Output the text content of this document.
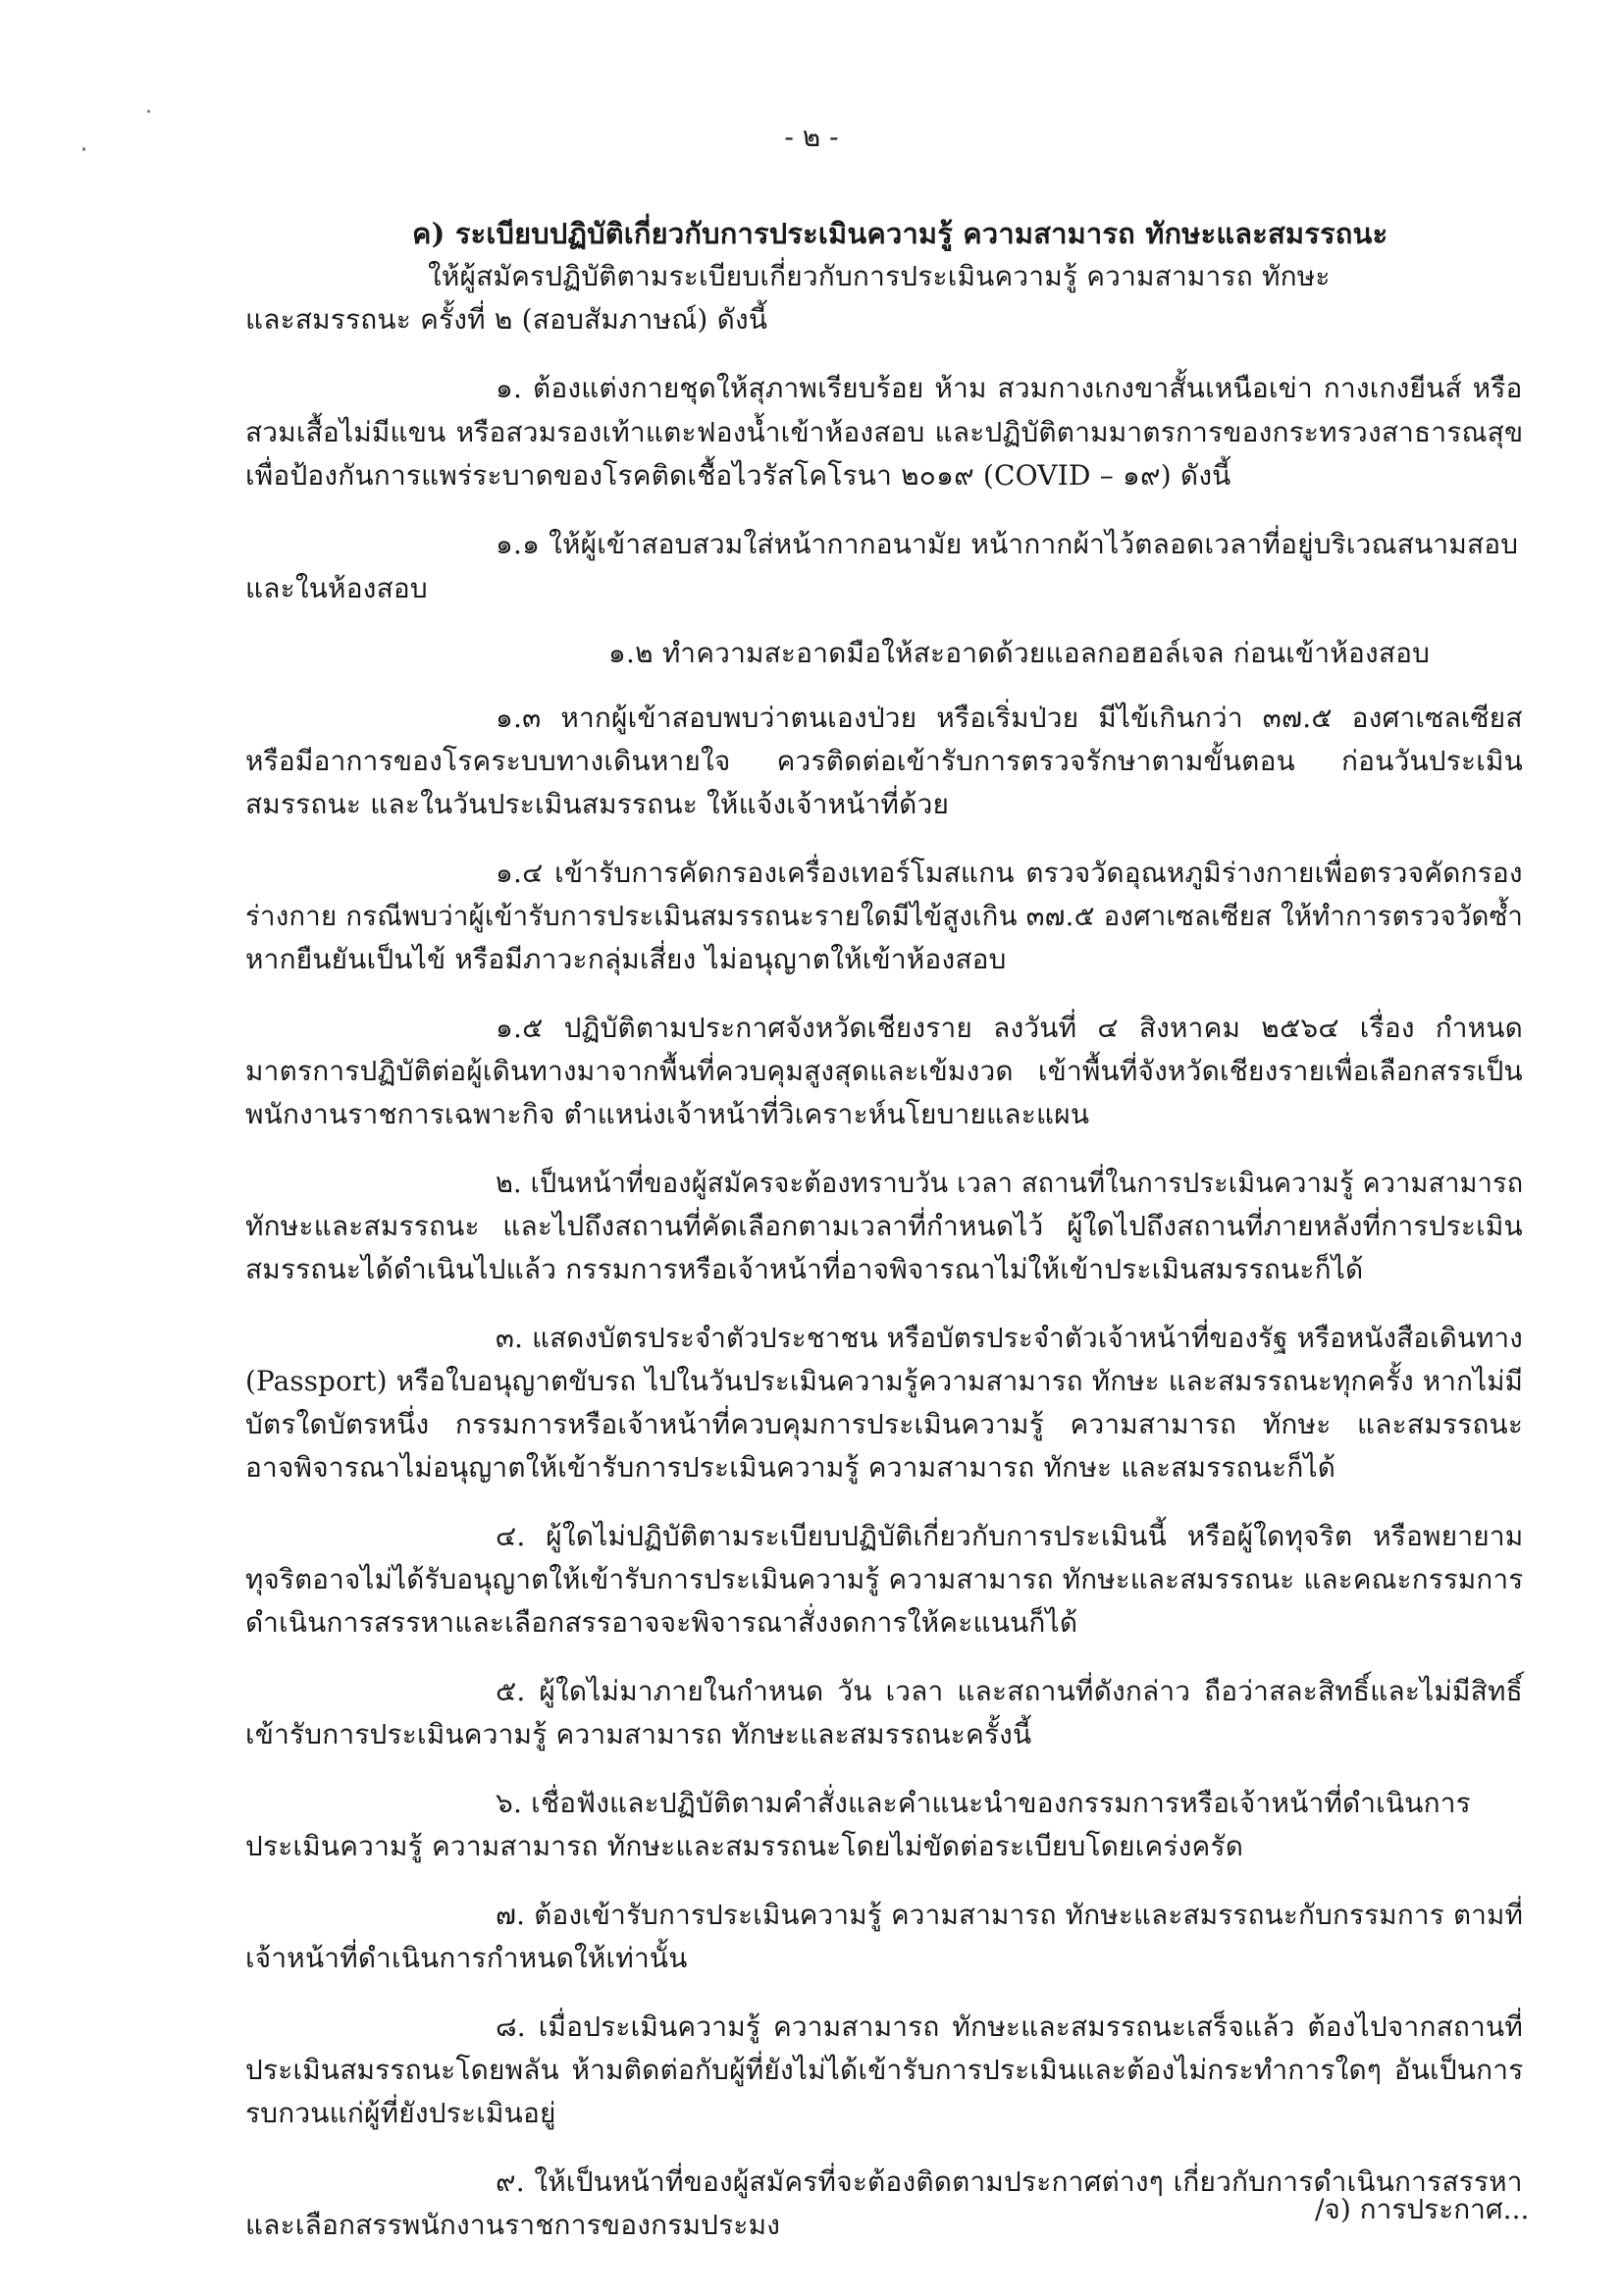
- ๒ -
ค) ระเบียบปฏิบัติเกี่ยวกับการประเมินความรู้ ความสามารถ ทักษะและสมรรถนะ
ให้ผู้สมัครปฏิบัติตามระเบียบเกี่ยวกับการประเมินความรู้ ความสามารถ ทักษะ
และสมรรถนะ ครั้งที่ ๒ (สอบสัมภาษณ์) ดังนี้
๑. ต้องแต่งกายชุดให้สุภาพเรียบร้อย ห้าม สวมกางเกงขาสั้นเหนือเข่า กางเกงยีนส์ หรือ
สวมเสื้อไม่มีแขน หรือสวมรองเท้าแตะฟองน้ำเข้าห้องสอบ และปฏิบัติตามมาตรการของกระทรวงสาธารณสุข
เพื่อป้องกันการแพร่ระบาดของโรคติดเชื้อไวรัสโคโรนา ๒๐๑๙ (COVID – ๑๙) ดังนี้
๑.๑ ให้ผู้เข้าสอบสวมใส่หน้ากากอนามัย หน้ากากผ้าไว้ตลอดเวลาที่อยู่บริเวณสนามสอบ
และในห้องสอบ
๑.๒ ทำความสะอาดมือให้สะอาดด้วยแอลกอฮอล์เจล ก่อนเข้าห้องสอบ
๑.๓ หากผู้เข้าสอบพบว่าตนเองป่วย หรือเริ่มป่วย มีไข้เกินกว่า ๓๗.๕ องศาเซลเซียส
หรือมีอาการของโรคระบบทางเดินหายใจ ควรติดต่อเข้ารับการตรวจรักษาตามขั้นตอน ก่อนวันประเมิน
สมรรถนะ และในวันประเมินสมรรถนะ ให้แจ้งเจ้าหน้าที่ด้วย
๑.๔ เข้ารับการคัดกรองเครื่องเทอร์โมสแกน ตรวจวัดอุณหภูมิร่างกายเพื่อตรวจคัดกรอง
ร่างกาย กรณีพบว่าผู้เข้ารับการประเมินสมรรถนะรายใดมีไข้สูงเกิน ๓๗.๕ องศาเซลเซียส ให้ทำการตรวจวัดซ้ำ
หากยืนยันเป็นไข้ หรือมีภาวะกลุ่มเสี่ยง ไม่อนุญาตให้เข้าห้องสอบ
๑.๕ ปฏิบัติตามประกาศจังหวัดเชียงราย ลงวันที่ ๔ สิงหาคม ๒๕๖๔ เรื่อง กำหนด
มาตรการปฏิบัติต่อผู้เดินทางมาจากพื้นที่ควบคุมสูงสุดและเข้มงวด เข้าพื้นที่จังหวัดเชียงรายเพื่อเลือกสรรเป็น
พนักงานราชการเฉพาะกิจ ตำแหน่งเจ้าหน้าที่วิเคราะห์นโยบายและแผน
๒. เป็นหน้าที่ของผู้สมัครจะต้องทราบวัน เวลา สถานที่ในการประเมินความรู้ ความสามารถ
ทักษะและสมรรถนะ และไปถึงสถานที่คัดเลือกตามเวลาที่กำหนดไว้ ผู้ใดไปถึงสถานที่ภายหลังที่การประเมิน
สมรรถนะได้ดำเนินไปแล้ว กรรมการหรือเจ้าหน้าที่อาจพิจารณาไม่ให้เข้าประเมินสมรรถนะก็ได้
๓. แสดงบัตรประจำตัวประชาชน หรือบัตรประจำตัวเจ้าหน้าที่ของรัฐ หรือหนังสือเดินทาง
(Passport) หรือใบอนุญาตขับรถ ไปในวันประเมินความรู้ความสามารถ ทักษะ และสมรรถนะทุกครั้ง หากไม่มี
บัตรใดบัตรหนึ่ง กรรมการหรือเจ้าหน้าที่ควบคุมการประเมินความรู้ ความสามารถ ทักษะ และสมรรถนะ
อาจพิจารณาไม่อนุญาตให้เข้ารับการประเมินความรู้ ความสามารถ ทักษะ และสมรรถนะก็ได้
๔. ผู้ใดไม่ปฏิบัติตามระเบียบปฏิบัติเกี่ยวกับการประเมินนี้ หรือผู้ใดทุจริต หรือพยายาม
ทุจริตอาจไม่ได้รับอนุญาตให้เข้ารับการประเมินความรู้ ความสามารถ ทักษะและสมรรถนะ และคณะกรรมการ
ดำเนินการสรรหาและเลือกสรรอาจจะพิจารณาสั่งงดการให้คะแนนก็ได้
๕. ผู้ใดไม่มาภายในกำหนด วัน เวลา และสถานที่ดังกล่าว ถือว่าสละสิทธิ์และไม่มีสิทธิ์
เข้ารับการประเมินความรู้ ความสามารถ ทักษะและสมรรถนะครั้งนี้
๖. เชื่อฟังและปฏิบัติตามคำสั่งและคำแนะนำของกรรมการหรือเจ้าหน้าที่ดำเนินการ
ประเมินความรู้ ความสามารถ ทักษะและสมรรถนะโดยไม่ขัดต่อระเบียบโดยเคร่งครัด
๗. ต้องเข้ารับการประเมินความรู้ ความสามารถ ทักษะและสมรรถนะกับกรรมการ ตามที่
เจ้าหน้าที่ดำเนินการกำหนดให้เท่านั้น
๘. เมื่อประเมินความรู้ ความสามารถ ทักษะและสมรรถนะเสร็จแล้ว ต้องไปจากสถานที่
ประเมินสมรรถนะโดยพลัน ห้ามติดต่อกับผู้ที่ยังไม่ได้เข้ารับการประเมินและต้องไม่กระทำการใดๆ อันเป็นการ
รบกวนแก่ผู้ที่ยังประเมินอยู่
๙. ให้เป็นหน้าที่ของผู้สมัครที่จะต้องติดตามประกาศต่างๆ เกี่ยวกับการดำเนินการสรรหา
และเลือกสรรพนักงานราชการของกรมประมง	/จ) การประกาศ...
